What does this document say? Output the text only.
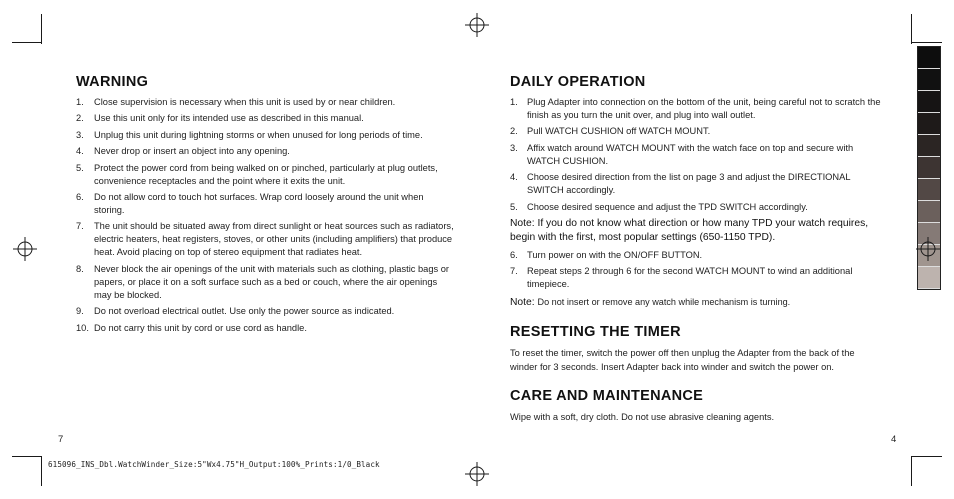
WARNING
1.	Close supervision is necessary when this unit is used by or near children.
2.	Use this unit only for its intended use as described in this manual.
3.	Unplug this unit during lightning storms or when unused for long periods of time.
4.	Never drop or insert an object into any opening.
5.	Protect the power cord from being walked on or pinched, particularly at plug outlets, convenience receptacles and the point where it exits the unit.
6.	Do not allow cord to touch hot surfaces. Wrap cord loosely around the unit when storing.
7.	The unit should be situated away from direct sunlight or heat sources such as radiators, electric heaters, heat registers, stoves, or other units (including amplifiers) that produce heat. Avoid placing on top of stereo equipment that radiates heat.
8.	Never block the air openings of the unit with materials such as clothing, plastic bags or papers, or place it on a soft surface such as a bed or couch, where the air openings may be blocked.
9.	Do not overload electrical outlet. Use only the power source as indicated.
10. Do not carry this unit by cord or use cord as handle.
DAILY OPERATION
1. Plug Adapter into connection on the bottom of the unit, being careful not to scratch the finish as you turn the unit over, and plug into wall outlet.
2. Pull WATCH CUSHION off WATCH MOUNT.
3. Affix watch around WATCH MOUNT with the watch face on top and secure with WATCH CUSHION.
4. Choose desired direction from the list on page 3 and adjust the DIRECTIONAL SWITCH accordingly.
5. Choose desired sequence and adjust the TPD SWITCH accordingly.

Note: If you do not know what direction or how many TPD your watch requires, begin with the first, most popular settings (650-1150 TPD).

6. Turn power on with the ON/OFF BUTTON.
7. Repeat steps 2 through 6 for the second WATCH MOUNT to wind an additional timepiece.

Note: Do not insert or remove any watch while mechanism is turning.

RESETTING THE TIMER

To reset the timer, switch the power off then unplug the Adapter from the back of the winder for 3 seconds. Insert Adapter back into winder and switch the power on.

CARE AND MAINTENANCE

Wipe with a soft, dry cloth. Do not use abrasive cleaning agents.

7	4
615096_INS_Dbl.WatchWinder_Size:5"Wx4.75"H_Output:100%_Prints:1/0_Black
